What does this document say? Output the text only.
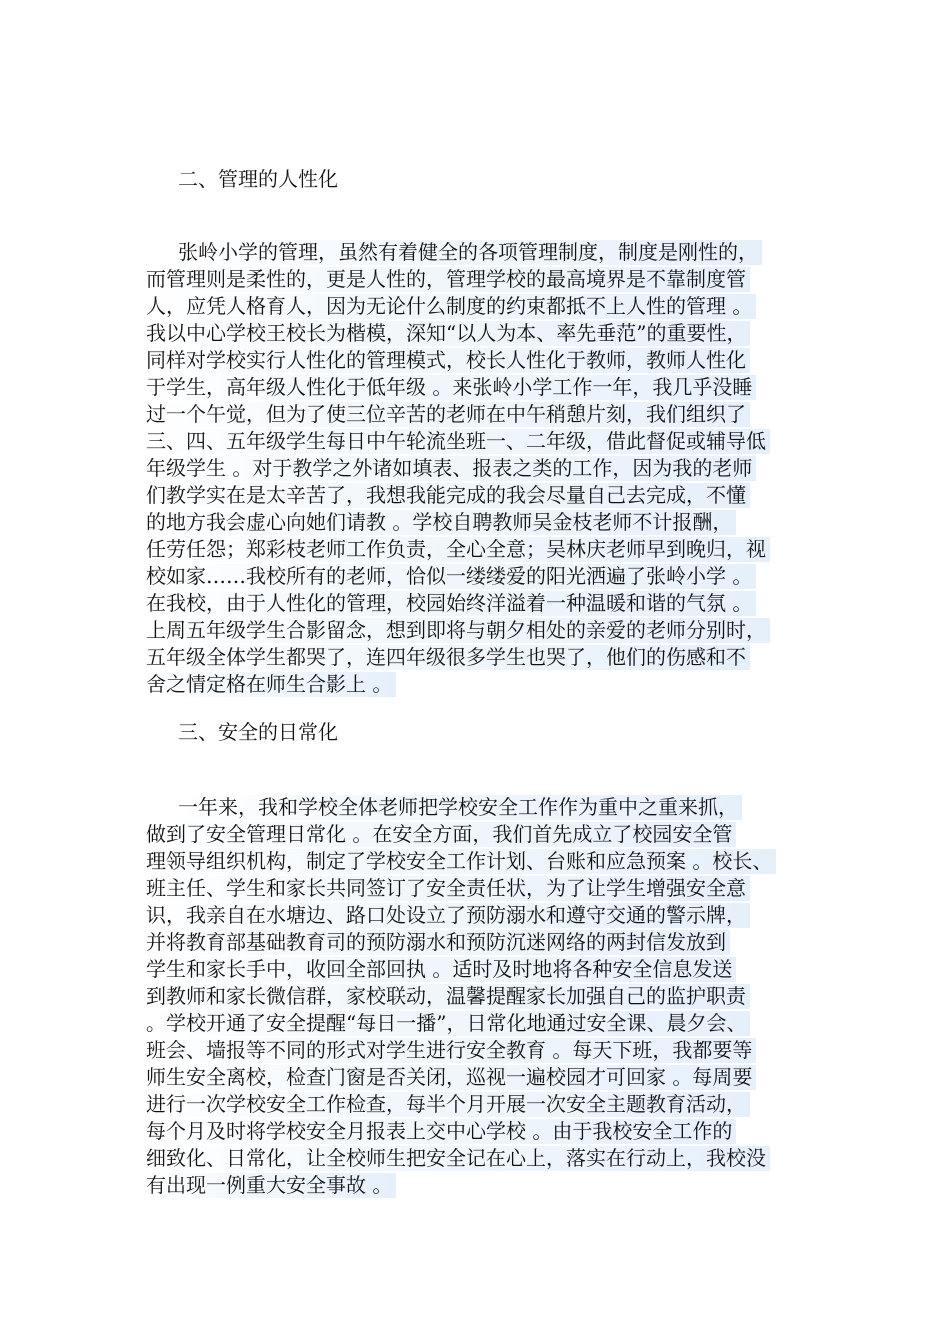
二、管理的人性化
张岭小学的管理，虽然有着健全的各项管理制度，制度是刚性的，
而管理则是柔性的，更是人性的，管理学校的最高境界是不靠制度管
人，应凭人格育人，因为无论什么制度的约束都抵不上人性的管理 。
我以中心学校王校长为楷模，深知“以人为本、率先垂范”的重要性，
同样对学校实行人性化的管理模式，校长人性化于教师，教师人性化
于学生，高年级人性化于低年级 。来张岭小学工作一年，我几乎没睡
过一个午觉，但为了使三位辛苦的老师在中午稍憩片刻，我们组织了
三、四、五年级学生每日中午轮流坐班一、二年级，借此督促或辅导低
年级学生 。对于教学之外诸如填表、报表之类的工作，因为我的老师
们教学实在是太辛苦了，我想我能完成的我会尽量自己去完成，不懂
的地方我会虚心向她们请教 。学校自聘教师吴金枝老师不计报酬，
任劳任怨；郑彩枝老师工作负责，全心全意；吴林庆老师早到晚归，视
校如家……我校所有的老师，恰似一缕缕爱的阳光洒遍了张岭小学 。
在我校，由于人性化的管理，校园始终洋溢着一种温暖和谐的气氛 。
上周五年级学生合影留念，想到即将与朝夕相处的亲爱的老师分别时，
五年级全体学生都哭了，连四年级很多学生也哭了，他们的伤感和不
舍之情定格在师生合影上 。
三、安全的日常化
一年来，我和学校全体老师把学校安全工作作为重中之重来抓，
做到了安全管理日常化 。在安全方面，我们首先成立了校园安全管
理领导组织机构，制定了学校安全工作计划、台账和应急预案 。校长、
班主任、学生和家长共同签订了安全责任状，为了让学生增强安全意
识，我亲自在水塘边、路口处设立了预防溺水和遵守交通的警示牌，
并将教育部基础教育司的预防溺水和预防沉迷网络的两封信发放到
学生和家长手中，收回全部回执 。适时及时地将各种安全信息发送
到教师和家长微信群，家校联动，温馨提醒家长加强自己的监护职责
。学校开通了安全提醒“每日一播”，日常化地通过安全课、晨夕会、
班会、墙报等不同的形式对学生进行安全教育 。每天下班，我都要等
师生安全离校，检查门窗是否关闭，巡视一遍校园才可回家 。每周要
进行一次学校安全工作检查，每半个月开展一次安全主题教育活动，
每个月及时将学校安全月报表上交中心学校 。由于我校安全工作的
细致化、日常化，让全校师生把安全记在心上，落实在行动上，我校没
有出现一例重大安全事故 。
